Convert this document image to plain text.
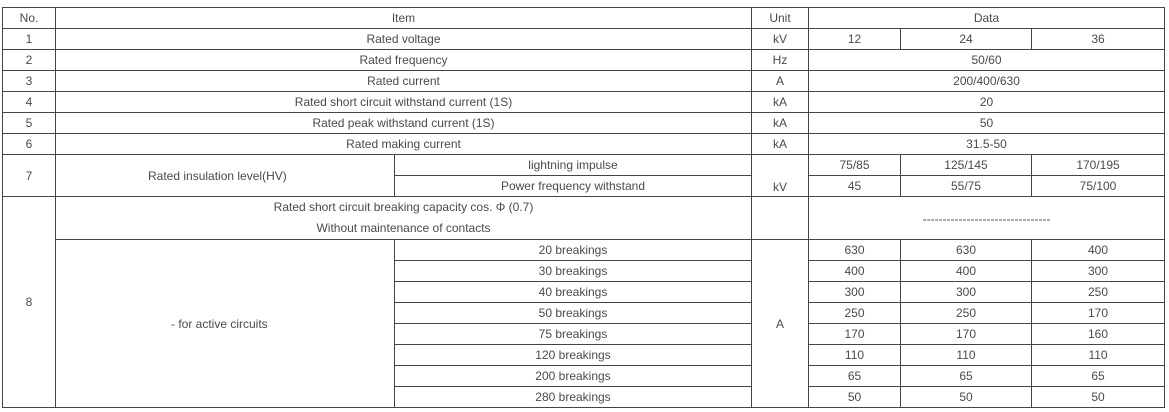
No.	Item		Unit	Data		
1	Rated voltage		kV	12	24	36
2	Rated frequency		Hz	50/60		
3	Rated current		A	200/400/630		
4	Rated short circuit withstand current (1S)		kA	20		
5	Rated peak withstand current (1S)		kA	50		
6	Rated making current		kA	31.5-50		
7	Rated insulation level(HV)	lightning impulse	kV	75/85	125/145	170/195
		Power frequency withstand		45	55/75	75/100
8	Rated short circuit breaking capacity cos. Φ (0.7)
Without maintenance of contacts			--------------------------------		
	- for active circuits	20 breakings	A	630	630	400
		30 breakings		400	400	300
		40 breakings		300	300	250
		50 breakings		250	250	170
		75 breakings		170	170	160
		120 breakings		110	110	110
		200 breakings		65	65	65
		280 breakings		50	50	50
